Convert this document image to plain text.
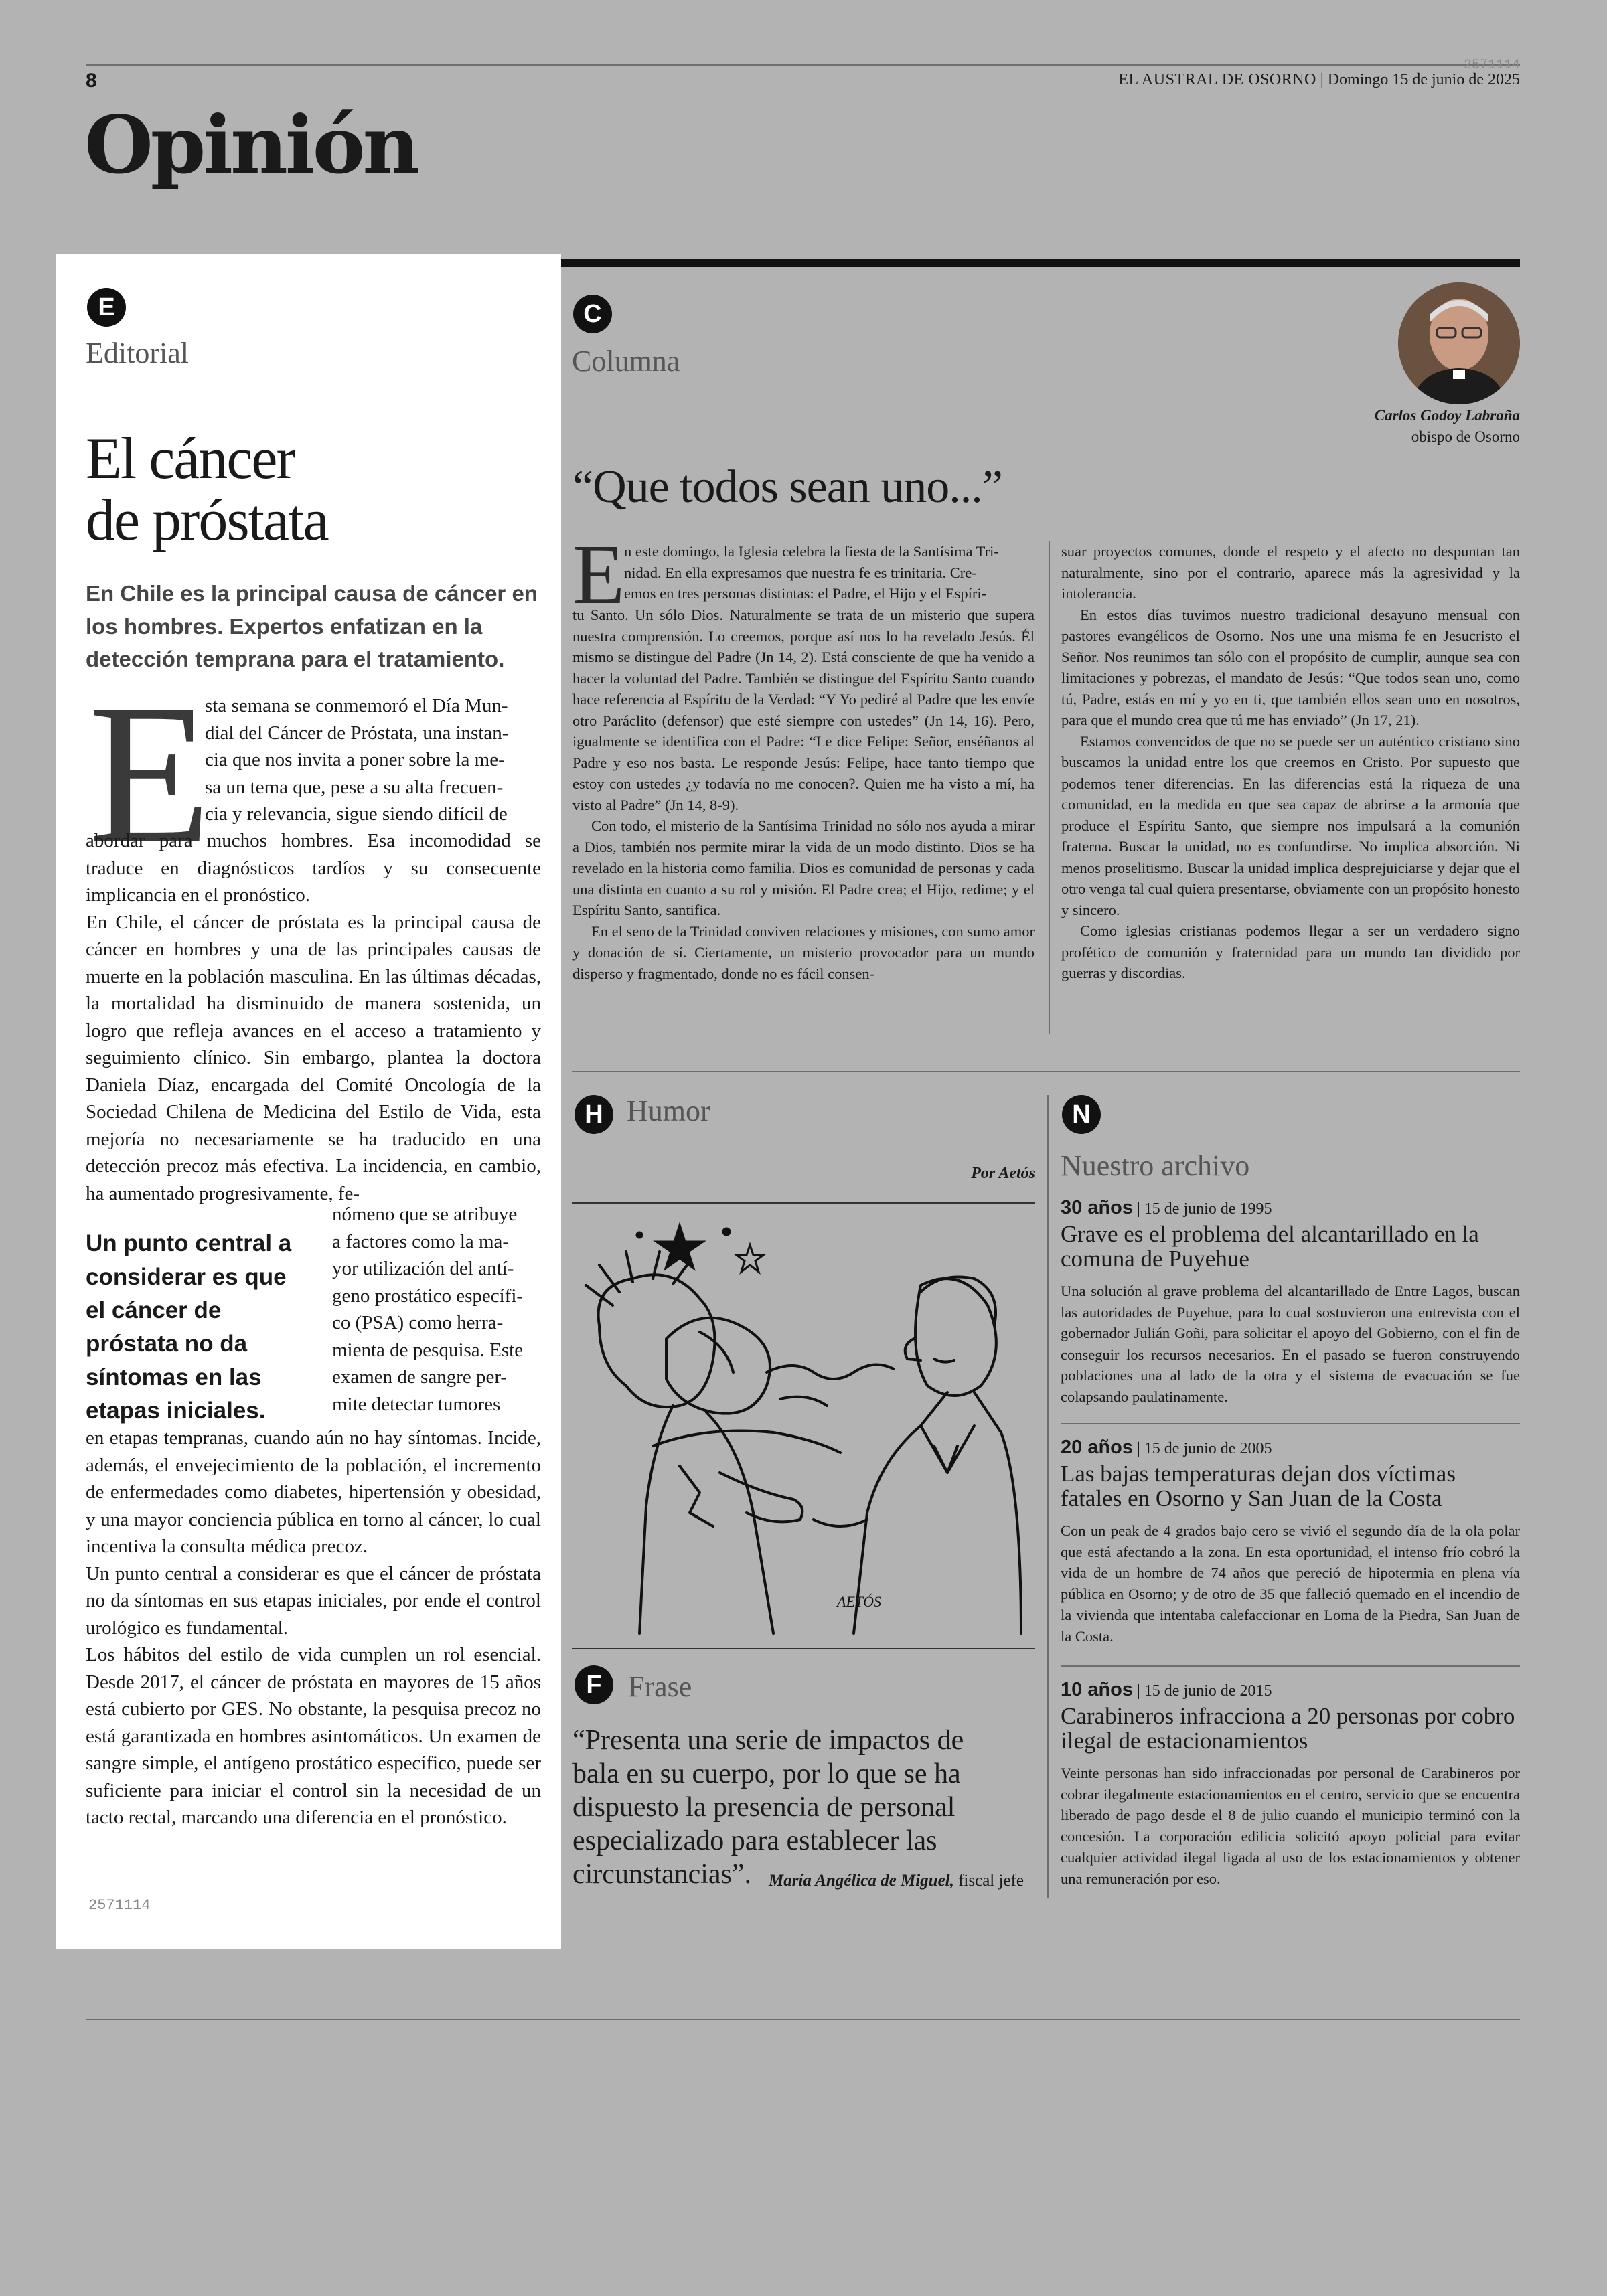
8
2571114
EL AUSTRAL DE OSORNO | Domingo 15 de junio de 2025
Opinión
E
Editorial
El cáncer
de próstata
En Chile es la principal causa de cáncer en los hombres. Expertos enfatizan en la detección temprana para el tratamiento.
E
sta semana se conmemoró el Día Mun-
dial del Cáncer de Próstata, una instan-
cia que nos invita a poner sobre la me-
sa un tema que, pese a su alta frecuen-
cia y relevancia, sigue siendo difícil de
abordar para muchos hombres. Esa incomodidad se traduce en diagnósticos tardíos y su consecuente implicancia en el pronóstico.
En Chile, el cáncer de próstata es la principal causa de cáncer en hombres y una de las principales causas de muerte en la población masculina. En las últimas décadas, la mortalidad ha disminuido de manera sostenida, un logro que refleja avances en el acceso a tratamiento y seguimiento clínico. Sin embargo, plantea la doctora Daniela Díaz, encargada del Comité Oncología de la Sociedad Chilena de Medicina del Estilo de Vida, esta mejoría no necesariamente se ha traducido en una detección precoz más efectiva. La incidencia, en cambio, ha aumentado progresivamente, fe-
Un punto central a considerar es que el cáncer de próstata no da síntomas en las etapas iniciales.
nómeno que se atribuye
a factores como la ma-
yor utilización del antí-
geno prostático específi-
co (PSA) como herra-
mienta de pesquisa. Este
examen de sangre per-
mite detectar tumores
en etapas tempranas, cuando aún no hay síntomas. Incide, además, el envejecimiento de la población, el incremento de enfermedades como diabetes, hipertensión y obesidad, y una mayor conciencia pública en torno al cáncer, lo cual incentiva la consulta médica precoz.
Un punto central a considerar es que el cáncer de próstata no da síntomas en sus etapas iniciales, por ende el control urológico es fundamental.
Los hábitos del estilo de vida cumplen un rol esencial. Desde 2017, el cáncer de próstata en mayores de 15 años está cubierto por GES. No obstante, la pesquisa precoz no está garantizada en hombres asintomáticos. Un examen de sangre simple, el antígeno prostático específico, puede ser suficiente para iniciar el control sin la necesidad de un tacto rectal, marcando una diferencia en el pronóstico.
2571114
C
Columna
Carlos Godoy Labraña
obispo de Osorno
“Que todos sean uno...”
E
n este domingo, la Iglesia celebra la fiesta de la Santísima Tri-
nidad. En ella expresamos que nuestra fe es trinitaria. Cre-
emos en tres personas distintas: el Padre, el Hijo y el Espíri-
tu Santo. Un sólo Dios. Naturalmente se trata de un misterio que supera nuestra comprensión. Lo creemos, porque así nos lo ha revelado Jesús. Él mismo se distingue del Padre (Jn 14, 2). Está consciente de que ha venido a hacer la voluntad del Padre. También se distingue del Espíritu Santo cuando hace referencia al Espíritu de la Verdad: “Y Yo pediré al Padre que les envíe otro Paráclito (defensor) que esté siempre con ustedes” (Jn 14, 16). Pero, igualmente se identifica con el Padre: “Le dice Felipe: Señor, enséñanos al Padre y eso nos basta. Le responde Jesús: Felipe, hace tanto tiempo que estoy con ustedes ¿y todavía no me conocen?. Quien me ha visto a mí, ha visto al Padre” (Jn 14, 8-9).
Con todo, el misterio de la Santísima Trinidad no sólo nos ayuda a mirar a Dios, también nos permite mirar la vida de un modo distinto. Dios se ha revelado en la historia como familia. Dios es comunidad de personas y cada una distinta en cuanto a su rol y misión. El Padre crea; el Hijo, redime; y el Espíritu Santo, santifica.
En el seno de la Trinidad conviven relaciones y misiones, con sumo amor y donación de sí. Ciertamente, un misterio provocador para un mundo disperso y fragmentado, donde no es fácil consen-
suar proyectos comunes, donde el respeto y el afecto no despuntan tan naturalmente, sino por el contrario, aparece más la agresividad y la intolerancia.
En estos días tuvimos nuestro tradicional desayuno mensual con pastores evangélicos de Osorno. Nos une una misma fe en Jesucristo el Señor. Nos reunimos tan sólo con el propósito de cumplir, aunque sea con limitaciones y pobrezas, el mandato de Jesús: “Que todos sean uno, como tú, Padre, estás en mí y yo en ti, que también ellos sean uno en nosotros, para que el mundo crea que tú me has enviado” (Jn 17, 21).
Estamos convencidos de que no se puede ser un auténtico cristiano sino buscamos la unidad entre los que creemos en Cristo. Por supuesto que podemos tener diferencias. En las diferencias está la riqueza de una comunidad, en la medida en que sea capaz de abrirse a la armonía que produce el Espíritu Santo, que siempre nos impulsará a la comunión fraterna. Buscar la unidad, no es confundirse. No implica absorción. Ni menos proselitismo. Buscar la unidad implica desprejuiciarse y dejar que el otro venga tal cual quiera presentarse, obviamente con un propósito honesto y sincero.
Como iglesias cristianas podemos llegar a ser un verdadero signo profético de comunión y fraternidad para un mundo tan dividido por guerras y discordias.
H Humor
Por Aetós
AETÓS
F Frase
“Presenta una serie de impactos de bala en su cuerpo, por lo que se ha dispuesto la presencia de personal especializado para establecer las circunstancias”.	María Angélica de Miguel, fiscal jefe
N
Nuestro archivo
30 años | 15 de junio de 1995
Grave es el problema del alcantarillado en la comuna de Puyehue
Una solución al grave problema del alcantarillado de Entre Lagos, buscan las autoridades de Puyehue, para lo cual sostuvieron una entrevista con el gobernador Julián Goñi, para solicitar el apoyo del Gobierno, con el fin de conseguir los recursos necesarios. En el pasado se fueron construyendo poblaciones una al lado de la otra y el sistema de evacuación se fue colapsando paulatinamente.
20 años | 15 de junio de 2005
Las bajas temperaturas dejan dos víctimas fatales en Osorno y San Juan de la Costa
Con un peak de 4 grados bajo cero se vivió el segundo día de la ola polar que está afectando a la zona. En esta oportunidad, el intenso frío cobró la vida de un hombre de 74 años que pereció de hipotermia en plena vía pública en Osorno; y de otro de 35 que falleció quemado en el incendio de la vivienda que intentaba calefaccionar en Loma de la Piedra, San Juan de la Costa.
10 años | 15 de junio de 2015
Carabineros infracciona a 20 personas por cobro ilegal de estacionamientos
Veinte personas han sido infraccionadas por personal de Carabineros por cobrar ilegalmente estacionamientos en el centro, servicio que se encuentra liberado de pago desde el 8 de julio cuando el municipio terminó con la concesión. La corporación edilicia solicitó apoyo policial para evitar cualquier actividad ilegal ligada al uso de los estacionamientos y obtener una remuneración por eso.
